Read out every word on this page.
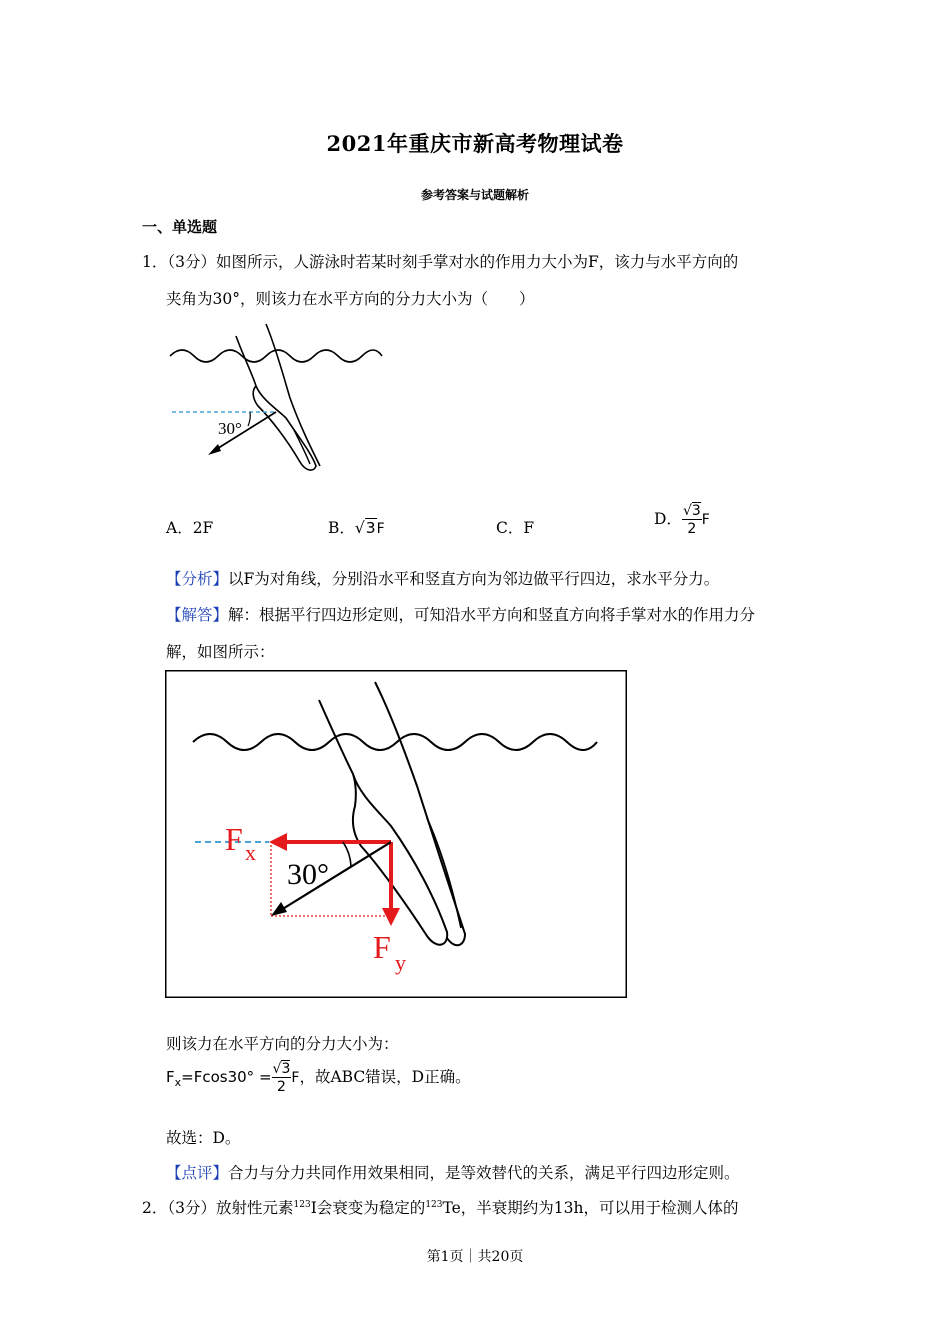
2021年重庆市新高考物理试卷
参考答案与试题解析
一、单选题
1．（3分）如图所示，人游泳时若某时刻手掌对水的作用力大小为F，该力与水平方向的
夹角为30°，则该力在水平方向的分力大小为（　　）
30°
A．2F	B．√3F	C．F	D． $\frac{√3}{2}$ F
【分析】以F为对角线，分别沿水平和竖直方向为邻边做平行四边，求水平分力。
【解答】解：根据平行四边形定则，可知沿水平方向和竖直方向将手掌对水的作用力分
解，如图所示：
F x
30°
F y
则该力在水平方向的分力大小为：
$F_x=Fcos30^\circ = \frac{√3}{2}$ F，故ABC错误，D正确。
故选：D。
【点评】合力与分力共同作用效果相同，是等效替代的关系，满足平行四边形定则。
2．（3分）放射性元素$^{123}$I会衰变为稳定的$^{123}$Te，半衰期约为13h，可以用于检测人体的
第1页｜共20页
